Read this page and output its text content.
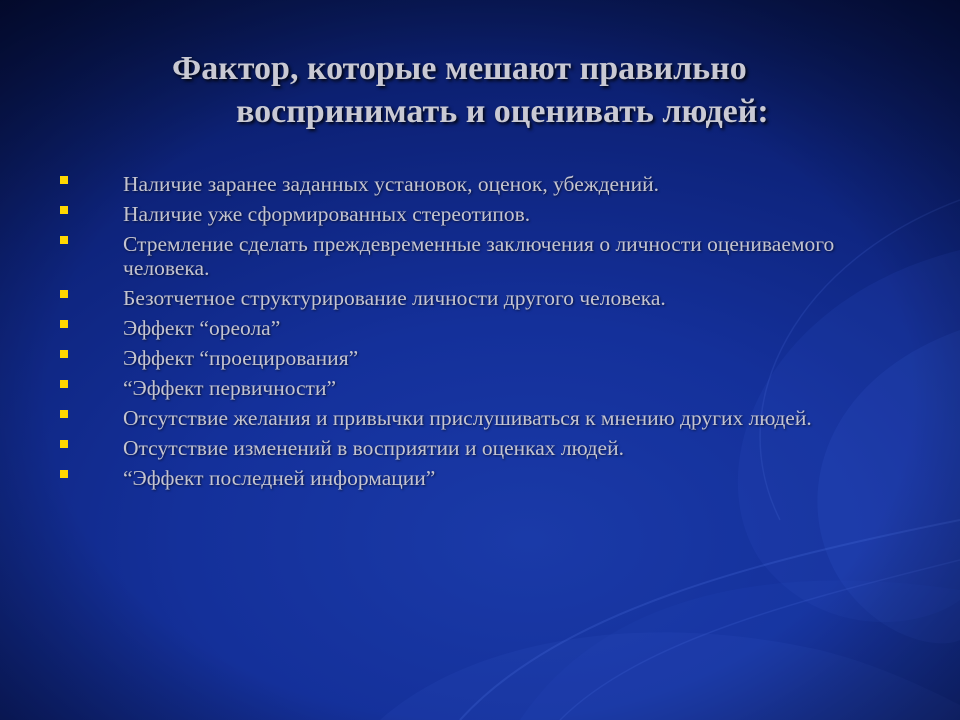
Фактор, которые мешают правильно
воспринимать и оценивать людей:
Наличие заранее заданных установок, оценок, убеждений.
Наличие уже сформированных стереотипов.
Стремление сделать преждевременные заключения о личности оцениваемого человека.
Безотчетное структурирование личности другого человека.
Эффект “ореола”
Эффект “проецирования”
“Эффект первичности”
Отсутствие желания и привычки прислушиваться к мнению других людей.
Отсутствие изменений в восприятии и оценках людей.
“Эффект последней информации”
